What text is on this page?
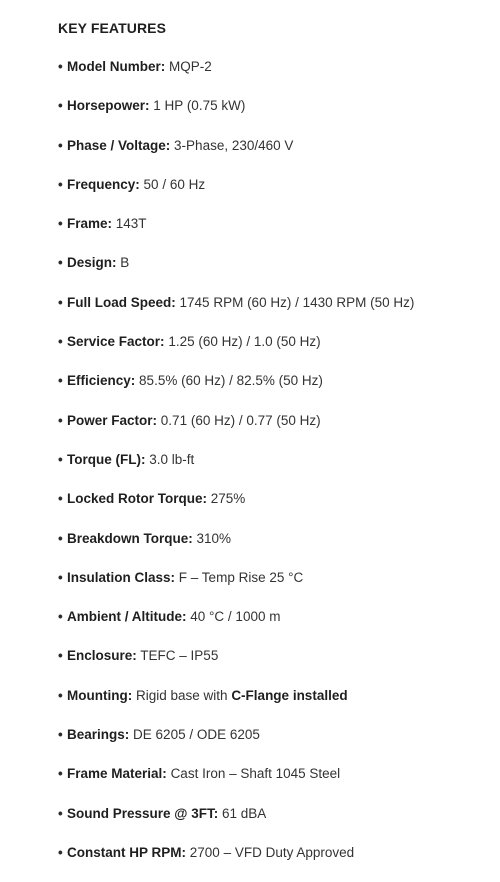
KEY FEATURES
• Model Number: MQP-2
• Horsepower: 1 HP (0.75 kW)
• Phase / Voltage: 3-Phase, 230/460 V
• Frequency: 50 / 60 Hz
• Frame: 143T
• Design: B
• Full Load Speed: 1745 RPM (60 Hz) / 1430 RPM (50 Hz)
• Service Factor: 1.25 (60 Hz) / 1.0 (50 Hz)
• Efficiency: 85.5% (60 Hz) / 82.5% (50 Hz)
• Power Factor: 0.71 (60 Hz) / 0.77 (50 Hz)
• Torque (FL): 3.0 lb-ft
• Locked Rotor Torque: 275%
• Breakdown Torque: 310%
• Insulation Class: F – Temp Rise 25 °C
• Ambient / Altitude: 40 °C / 1000 m
• Enclosure: TEFC – IP55
• Mounting: Rigid base with C-Flange installed
• Bearings: DE 6205 / ODE 6205
• Frame Material: Cast Iron – Shaft 1045 Steel
• Sound Pressure @ 3FT: 61 dBA
• Constant HP RPM: 2700 – VFD Duty Approved
